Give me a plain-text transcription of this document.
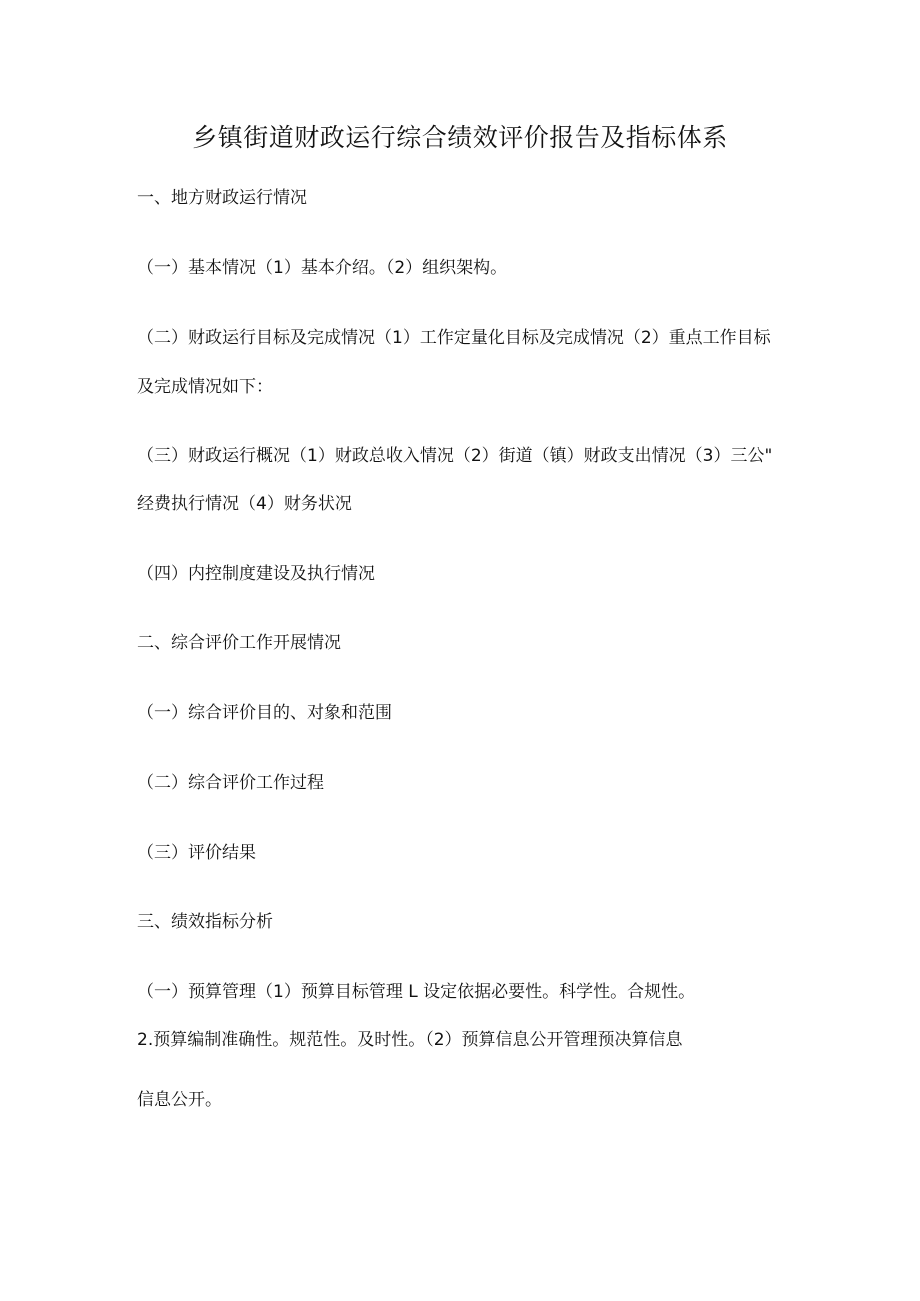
乡镇街道财政运行综合绩效评价报告及指标体系
一、地方财政运行情况
（一）基本情况（1）基本介绍。（2）组织架构。
（二）财政运行目标及完成情况（1）工作定量化目标及完成情况（2）重点工作目标
及完成情况如下：
（三）财政运行概况（1）财政总收入情况（2）街道（镇）财政支出情况（3）三公"
经费执行情况（4）财务状况
（四）内控制度建设及执行情况
二、综合评价工作开展情况
（一）综合评价目的、对象和范围
（二）综合评价工作过程
（三）评价结果
三、绩效指标分析
（一）预算管理（1）预算目标管理 L 设定依据必要性。科学性。合规性。
2.预算编制准确性。规范性。及时性。（2）预算信息公开管理预决算信息
信息公开。
